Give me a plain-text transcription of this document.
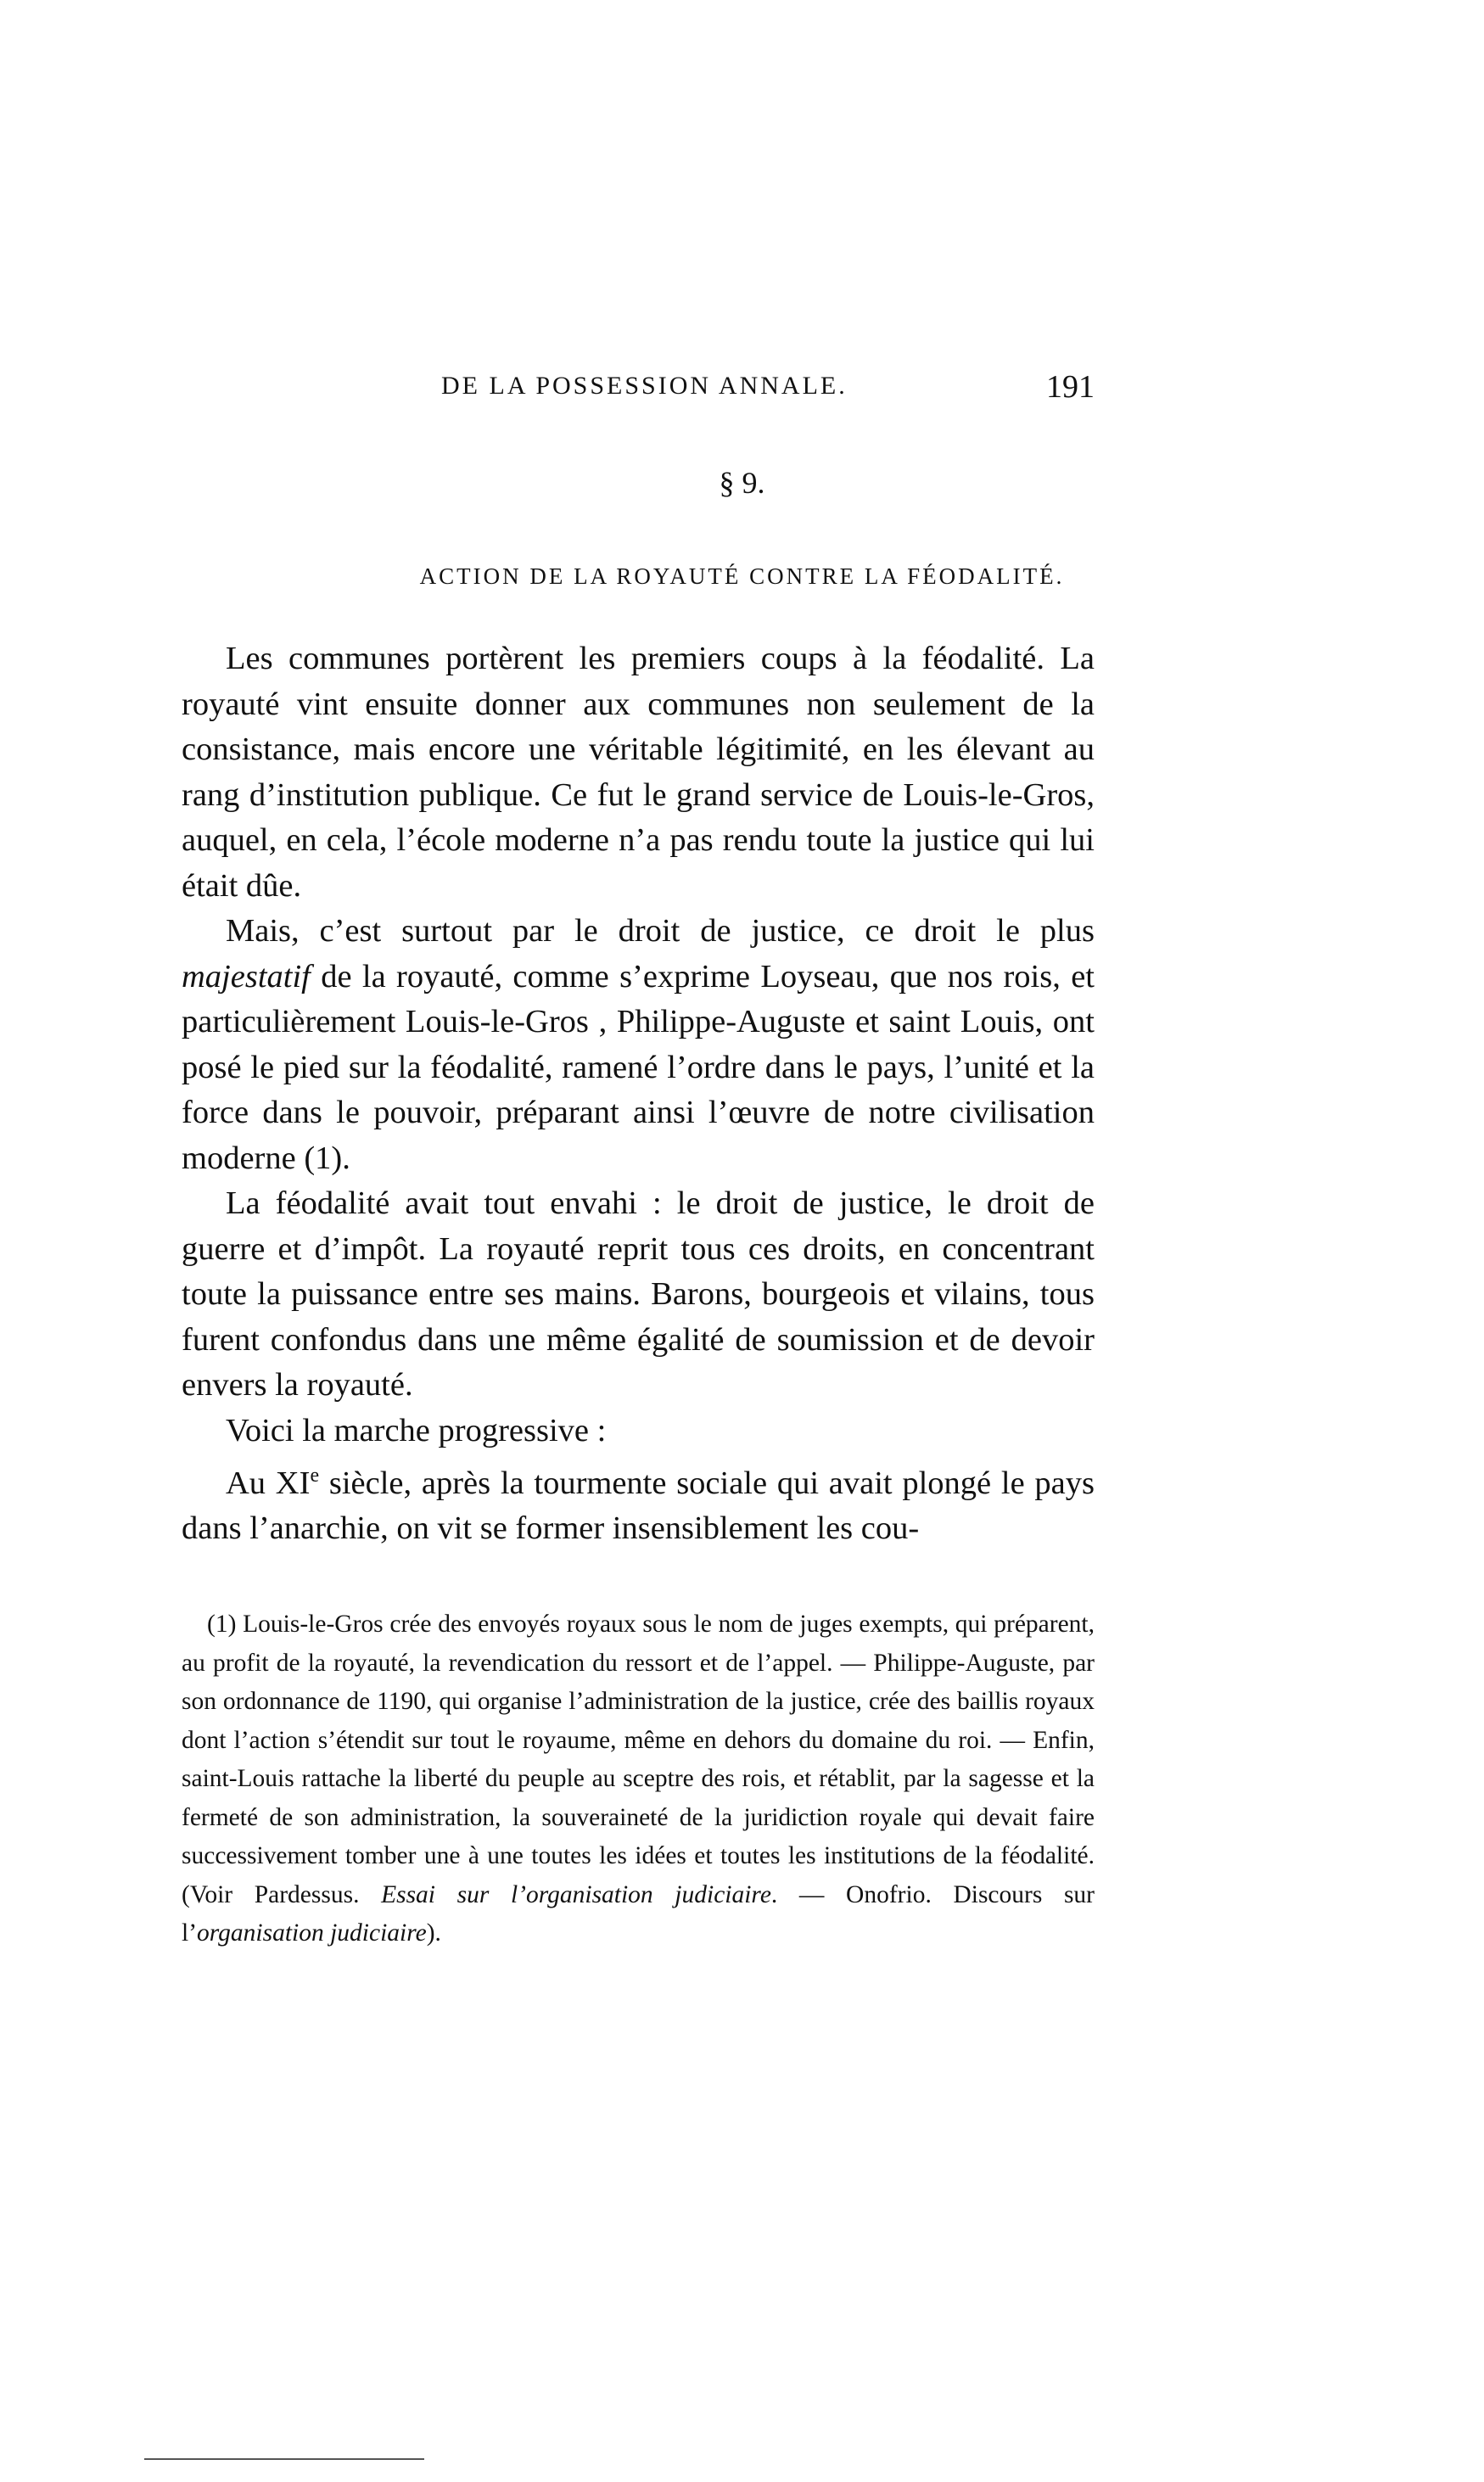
DE LA POSSESSION ANNALE.	191
§ 9.
ACTION DE LA ROYAUTÉ CONTRE LA FÉODALITÉ.

Les communes portèrent les premiers coups à la féodalité. La royauté vint ensuite donner aux communes non seulement de la consistance, mais encore une véritable légitimité, en les élevant au rang d’institution publique. Ce fut le grand service de Louis-le-Gros, auquel, en cela, l’école moderne n’a pas rendu toute la justice qui lui était dûe.

Mais, c’est surtout par le droit de justice, ce droit le plus majestatif de la royauté, comme s’exprime Loyseau, que nos rois, et particulièrement Louis-le-Gros , Philippe-Auguste et saint Louis, ont posé le pied sur la féodalité, ramené l’ordre dans le pays, l’unité et la force dans le pouvoir, préparant ainsi l’œuvre de notre civilisation moderne (1).

La féodalité avait tout envahi : le droit de justice, le droit de guerre et d’impôt. La royauté reprit tous ces droits, en concentrant toute la puissance entre ses mains. Barons, bourgeois et vilains, tous furent confondus dans une même égalité de soumission et de devoir envers la royauté.

Voici la marche progressive :

Au XIe siècle, après la tourmente sociale qui avait plongé le pays dans l’anarchie, on vit se former insensiblement les cou-

(1) Louis-le-Gros crée des envoyés royaux sous le nom de juges exempts, qui préparent, au profit de la royauté, la revendication du ressort et de l’appel. — Philippe-Auguste, par son ordonnance de 1190, qui organise l’administration de la justice, crée des baillis royaux dont l’action s’étendit sur tout le royaume, même en dehors du domaine du roi. — Enfin, saint-Louis rattache la liberté du peuple au sceptre des rois, et rétablit, par la sagesse et la fermeté de son administration, la souveraineté de la juridiction royale qui devait faire successivement tomber une à une toutes les idées et toutes les institutions de la féodalité. (Voir Pardessus. Essai sur l’organisation judiciaire. — Onofrio. Discours sur l’organisation judiciaire).
